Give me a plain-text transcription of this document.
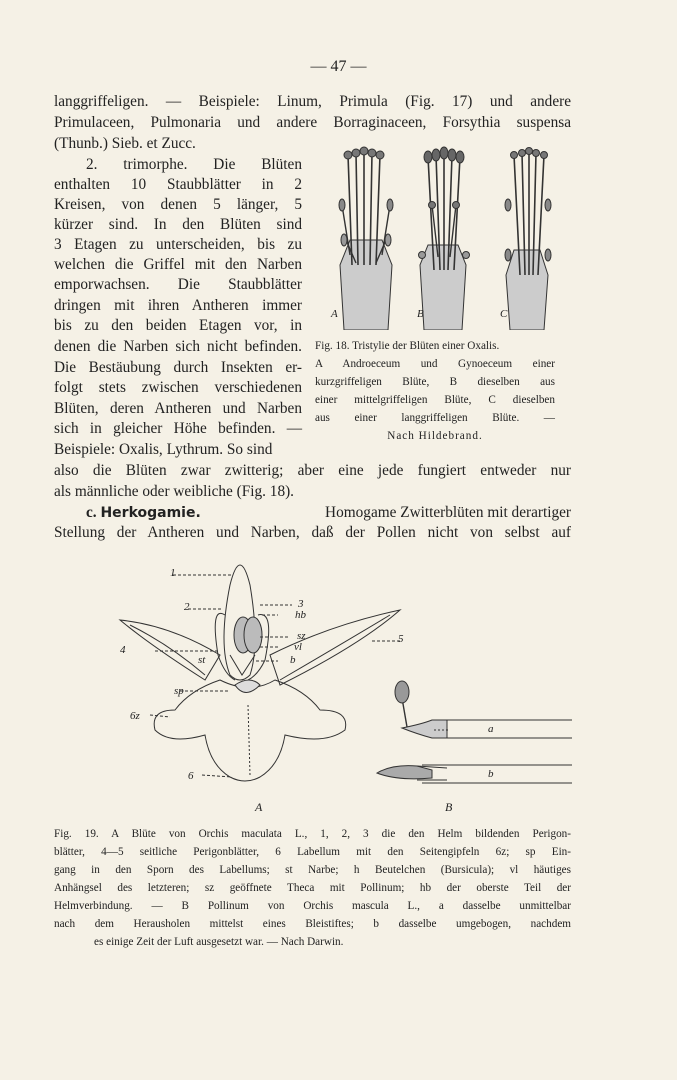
— 47 —
langgriffeligen. — Beispiele: Linum, Primula (Fig. 17) und andere
Primulaceen, Pulmonaria und andere Borraginaceen, Forsythia suspensa
(Thunb.) Sieb. et Zucc.
2. trimorphe. Die Blüten
enthalten 10 Staubblätter in 2
Kreisen, von denen 5 länger, 5
kürzer sind. In den Blüten sind
3 Etagen zu unterscheiden, bis zu
welchen die Griffel mit den Narben
emporwachsen. Die Staubblätter
dringen mit ihren Antheren immer
bis zu den beiden Etagen vor, in
denen die Narben sich nicht befinden.
Die Bestäubung durch Insekten er-
folgt stets zwischen verschiedenen
Blüten, deren Antheren und Narben
sich in gleicher Höhe befinden. —
Beispiele: Oxalis, Lythrum. So sind
A	B	C
Fig. 18. Tristylie der Blüten einer Oxalis.
A Androeceum und Gynoeceum einer
kurzgriffeligen Blüte, B dieselben aus
einer mittelgriffeligen Blüte, C dieselben
aus einer langgriffeligen Blüte. —
Nach Hildebrand.
also die Blüten zwar zwitterig; aber eine jede fungiert entweder nur
als männliche oder weibliche (Fig. 18).
c. Herkogamie.	Homogame Zwitterblüten mit derartiger
Stellung der Antheren und Narben, daß der Pollen nicht von selbst auf
1
2	3
hb
sz
vl
b
4
5
st
sp
6z
6
A
a
b
B
Fig. 19. A Blüte von Orchis maculata L., 1, 2, 3 die den Helm bildenden Perigon-
blätter, 4—5 seitliche Perigonblätter, 6 Labellum mit den Seitengipfeln 6z; sp Ein-
gang in den Sporn des Labellums; st Narbe; h Beutelchen (Bursicula); vl häutiges
Anhängsel des letzteren; sz geöffnete Theca mit Pollinum; hb der oberste Teil der
Helmverbindung. — B Pollinum von Orchis mascula L., a dasselbe unmittelbar
nach dem Herausholen mittelst eines Bleistiftes; b dasselbe umgebogen, nachdem
es einige Zeit der Luft ausgesetzt war. — Nach Darwin.
